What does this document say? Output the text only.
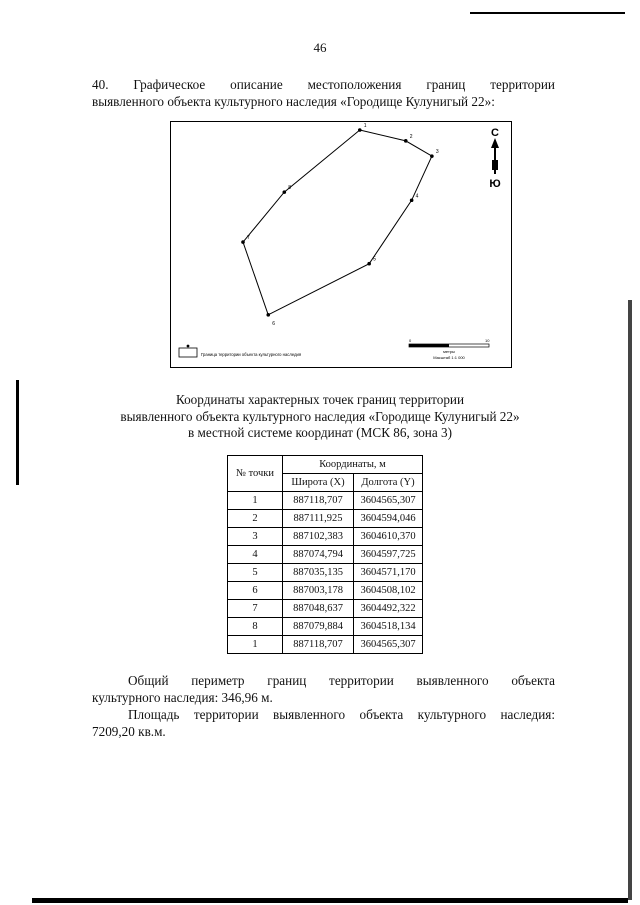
46
40. Графическое описание местоположения границ территории
выявленного объекта культурного наследия «Городище Кулунигый 22»:
1
2
3
4
5
6
7
8
С
Ю
Граница территории объекта культурного наследия
0	10
метры
Масштаб 1:1 000
Координаты характерных точек границ территории
выявленного объекта культурного наследия «Городище Кулунигый 22»
в местной системе координат (МСК 86, зона 3)
№ точки	Координаты, м	
	Широта (X)	Долгота (Y)
1	887118,707	3604565,307
2	887111,925	3604594,046
3	887102,383	3604610,370
4	887074,794	3604597,725
5	887035,135	3604571,170
6	887003,178	3604508,102
7	887048,637	3604492,322
8	887079,884	3604518,134
1	887118,707	3604565,307
Общий периметр границ территории выявленного объекта
культурного наследия: 346,96 м.
Площадь территории выявленного объекта культурного наследия:
7209,20 кв.м.
